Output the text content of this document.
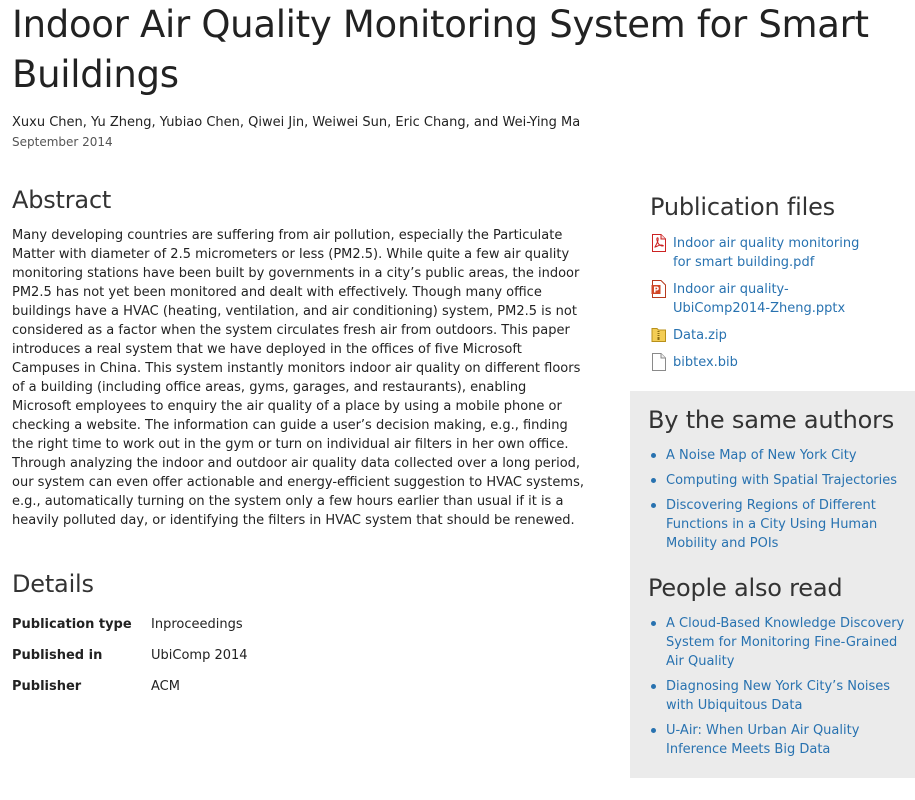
Indoor Air Quality Monitoring System for Smart Buildings
Xuxu Chen, Yu Zheng, Yubiao Chen, Qiwei Jin, Weiwei Sun, Eric Chang, and Wei-Ying Ma
September 2014
Abstract

Many developing countries are suffering from air pollution, especially the Particulate Matter with diameter of 2.5 micrometers or less (PM2.5). While quite a few air quality monitoring stations have been built by governments in a city’s public areas, the indoor PM2.5 has not yet been monitored and dealt with effectively. Though many office buildings have a HVAC (heating, ventilation, and air conditioning) system, PM2.5 is not considered as a factor when the system circulates fresh air from outdoors. This paper introduces a real system that we have deployed in the offices of five Microsoft Campuses in China. This system instantly monitors indoor air quality on different floors of a building (including office areas, gyms, garages, and restaurants), enabling Microsoft employees to enquiry the air quality of a place by using a mobile phone or checking a website. The information can guide a user’s decision making, e.g., finding the right time to work out in the gym or turn on individual air filters in her own office. Through analyzing the indoor and outdoor air quality data collected over a long period, our system can even offer actionable and energy-efficient suggestion to HVAC systems, e.g., automatically turning on the system only a few hours earlier than usual if it is a heavily polluted day, or identifying the filters in HVAC system that should be renewed.

Details
Publication type	Inproceedings
Published in	UbiComp 2014
Publisher	ACM
Publication files
Indoor air quality monitoring for smart building.pdf
P Indoor air quality-UbiComp2014-Zheng.pptx
Data.zip
bibtex.bib
By the same authors
A Noise Map of New York City
Computing with Spatial Trajectories
Discovering Regions of Different Functions in a City Using Human Mobility and POIs
People also read
A Cloud-Based Knowledge Discovery System for Monitoring Fine-Grained Air Quality
Diagnosing New York City’s Noises with Ubiquitous Data
U-Air: When Urban Air Quality Inference Meets Big Data
